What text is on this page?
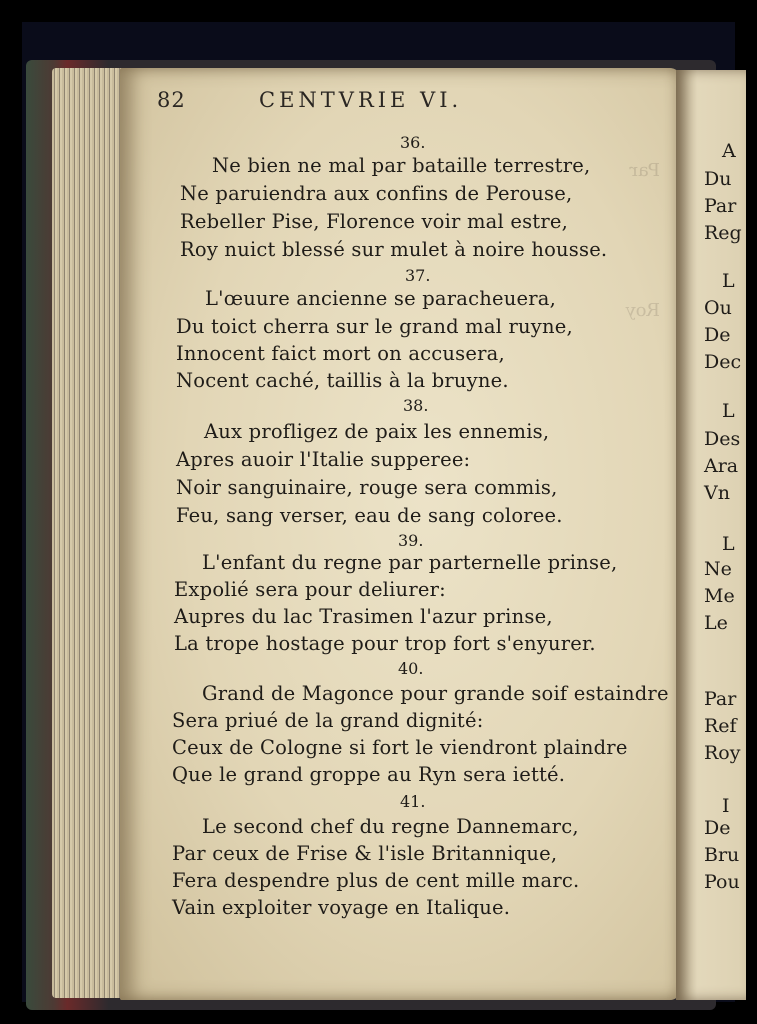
Par
Roy
82	CENTVRIE VI.
36.
Ne bien ne mal par bataille terrestre,
Ne paruiendra aux confins de Perouse,
Rebeller Pise, Florence voir mal estre,
Roy nuict blessé sur mulet à noire housse.
37.
L'œuure ancienne se paracheuera,
Du toict cherra sur le grand mal ruyne,
Innocent faict mort on accusera,
Nocent caché, taillis à la bruyne.
38.
Aux profligez de paix les ennemis,
Apres auoir l'Italie supperee:
Noir sanguinaire, rouge sera commis,
Feu, sang verser, eau de sang coloree.
39.
L'enfant du regne par parternelle prinse,
Expolié sera pour deliurer:
Aupres du lac Trasimen l'azur prinse,
La trope hostage pour trop fort s'enyurer.
40.
Grand de Magonce pour grande soif estaindre
Sera priué de la grand dignité:
Ceux de Cologne si fort le viendront plaindre
Que le grand groppe au Ryn sera ietté.
41.
Le second chef du regne Dannemarc,
Par ceux de Frise & l'isle Britannique,
Fera despendre plus de cent mille marc.
Vain exploiter voyage en Italique.
A
Du
Par
Reg
L
Ou
De
Dec
L
Des
Ara
Vn
L
Ne
Me
Le
Par
Ref
Roy
I
De
Bru
Pou
